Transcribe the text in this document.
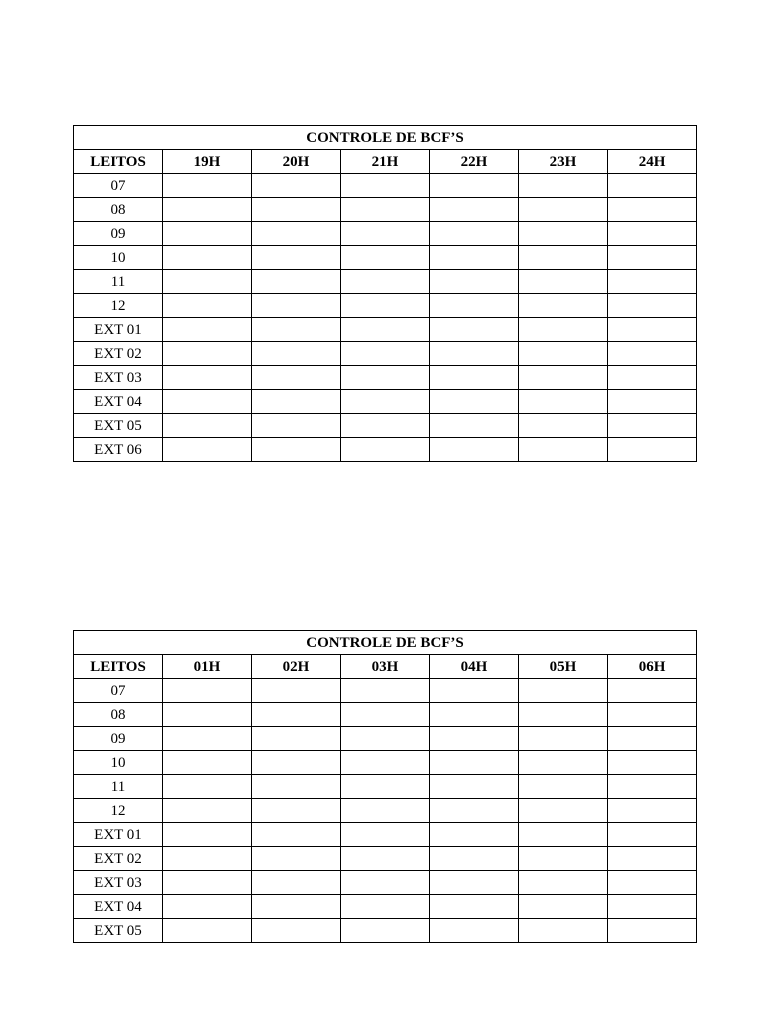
CONTROLE DE BCF’S						
LEITOS	19H	20H	21H	22H	23H	24H
07						
08						
09						
10						
11						
12						
EXT 01						
EXT 02						
EXT 03						
EXT 04						
EXT 05						
EXT 06						
CONTROLE DE BCF’S						
LEITOS	01H	02H	03H	04H	05H	06H
07						
08						
09						
10						
11						
12						
EXT 01						
EXT 02						
EXT 03						
EXT 04						
EXT 05						
